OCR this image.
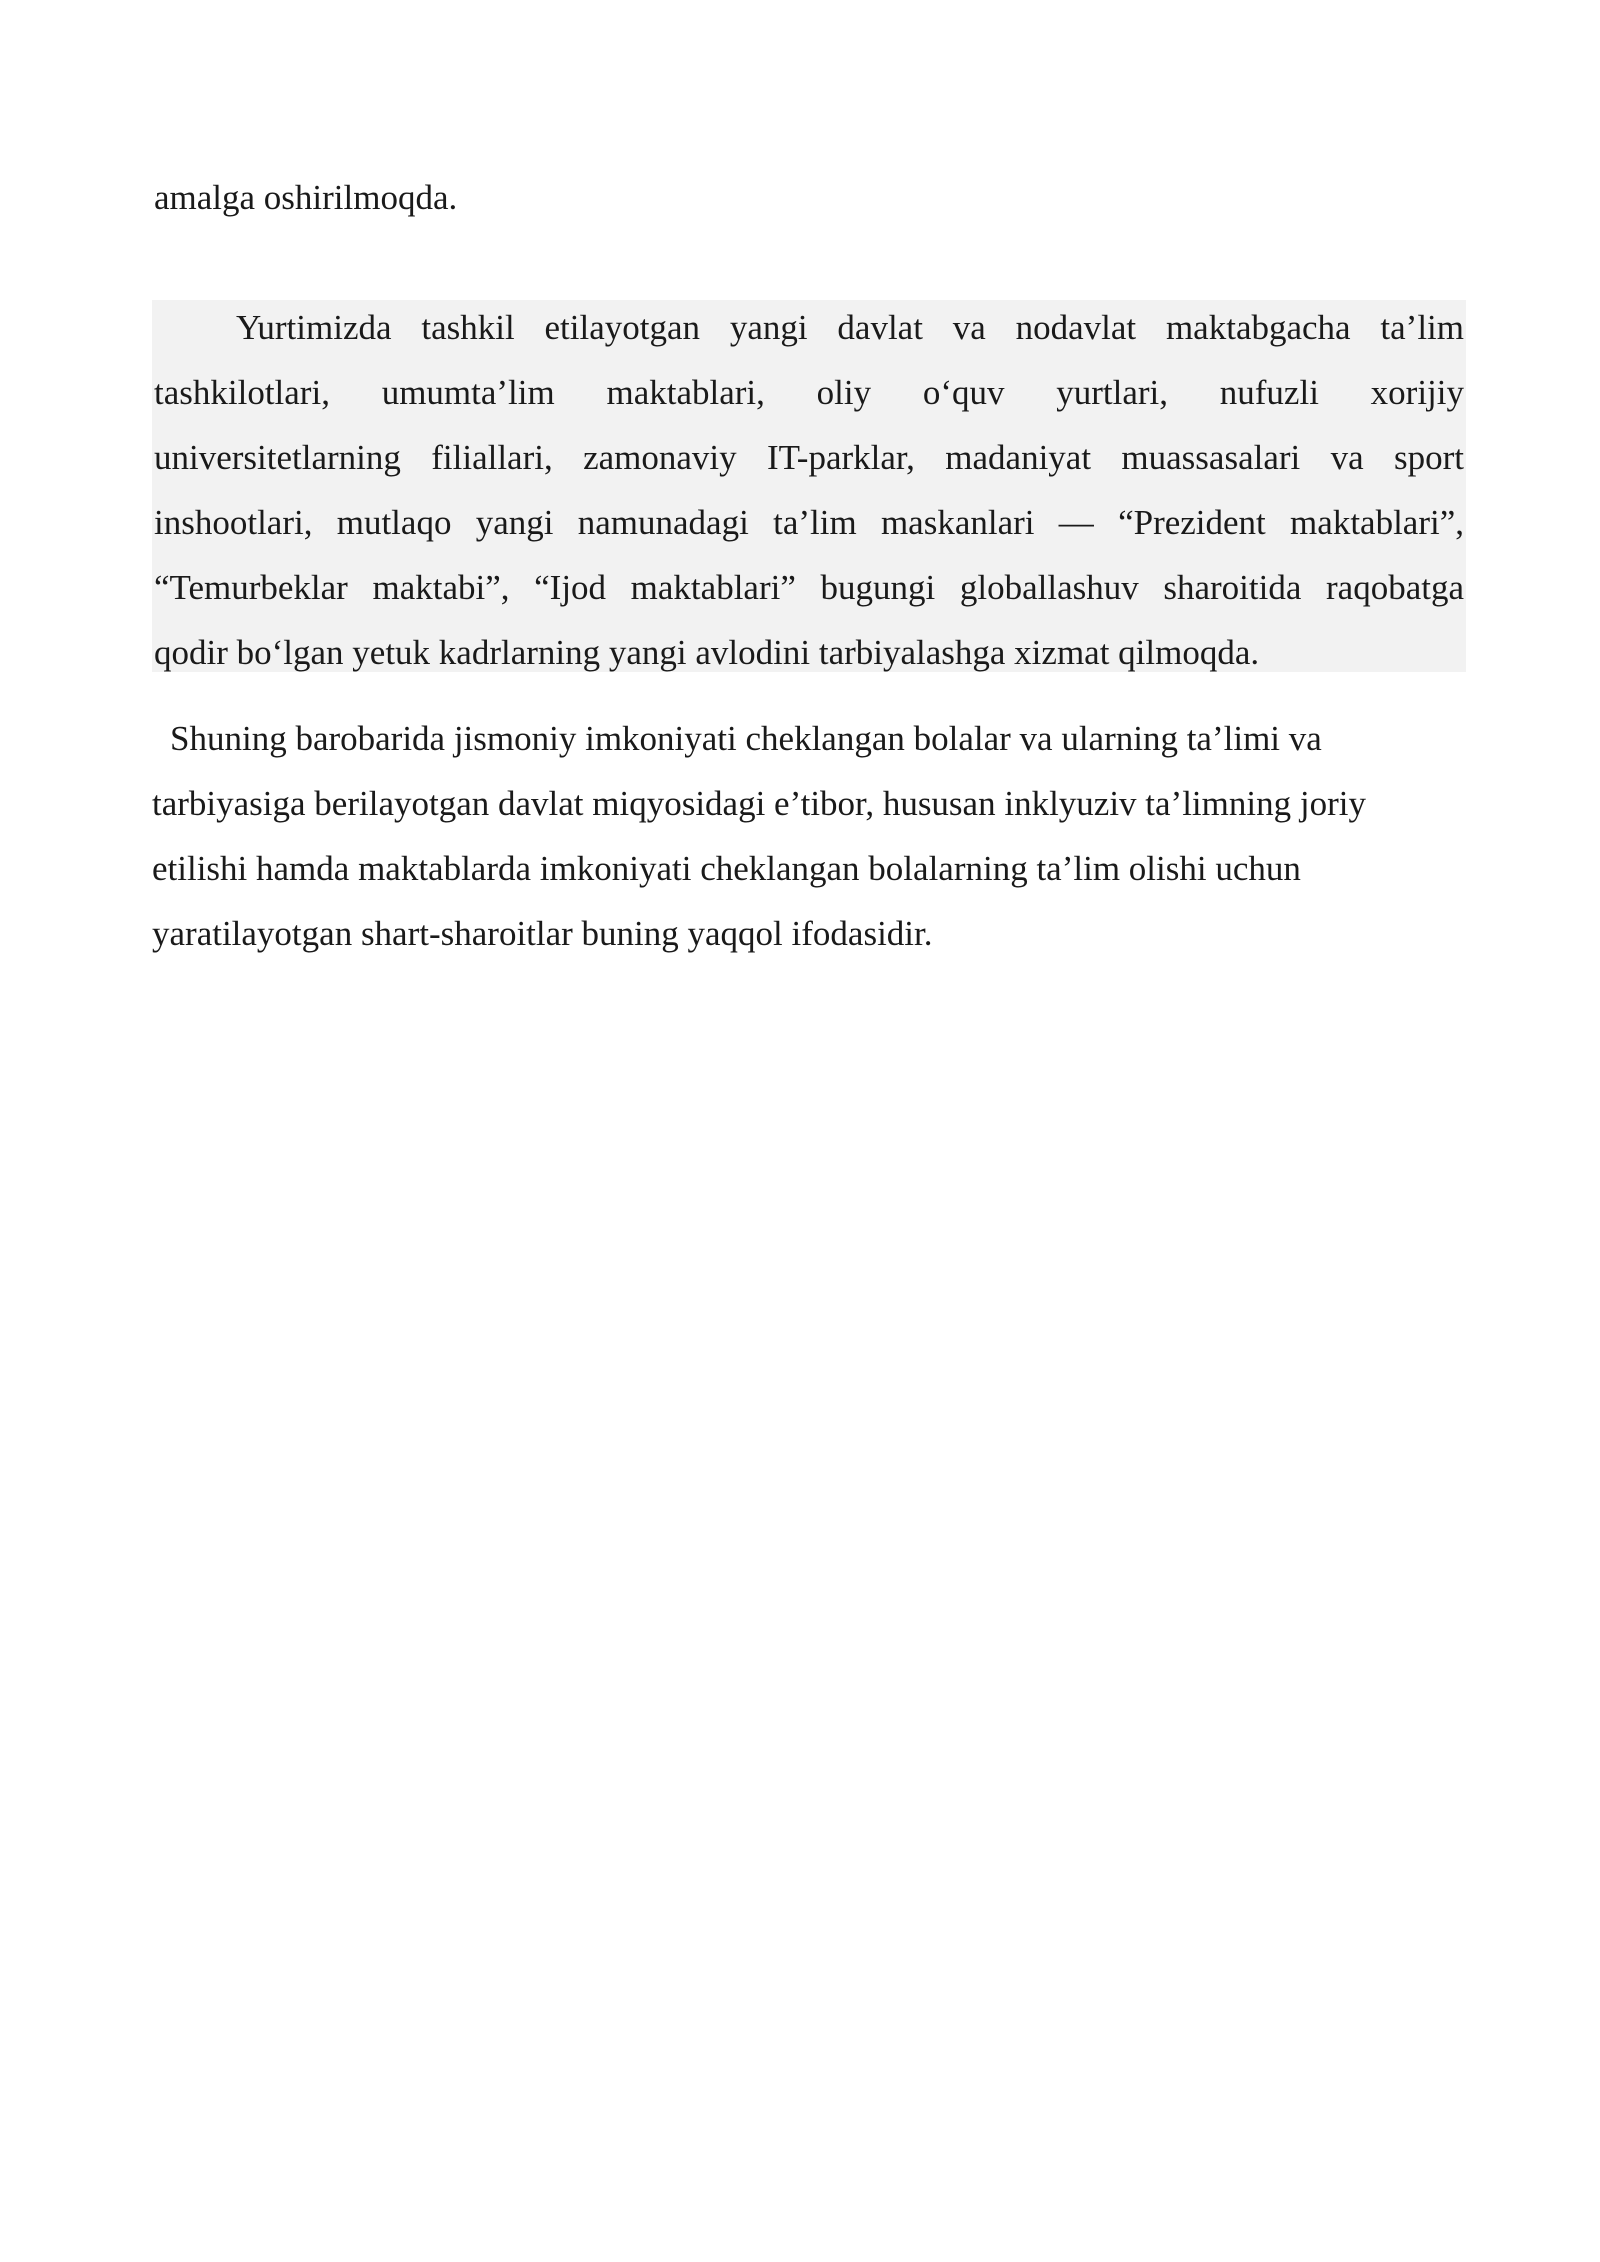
amalga oshirilmoqda.

Yurtimizda tashkil etilayotgan yangi davlat va nodavlat maktabgacha ta’lim

tashkilotlari, umumta’lim maktablari, oliy o‘quv yurtlari, nufuzli xorijiy

universitetlarning filiallari, zamonaviy IT-parklar, madaniyat muassasalari va sport

inshootlari, mutlaqo yangi namunadagi ta’lim maskanlari — “Prezident maktablari”,

“Temurbeklar maktabi”, “Ijod maktablari” bugungi globallashuv sharoitida raqobatga

qodir bo‘lgan yetuk kadrlarning yangi avlodini tarbiyalashga xizmat qilmoqda.

Shuning barobarida jismoniy imkoniyati cheklangan bolalar va ularning ta’limi va

tarbiyasiga berilayotgan davlat miqyosidagi e’tibor, hususan inklyuziv ta’limning joriy

etilishi hamda maktablarda imkoniyati cheklangan bolalarning ta’lim olishi uchun

yaratilayotgan shart-sharoitlar buning yaqqol ifodasidir.
